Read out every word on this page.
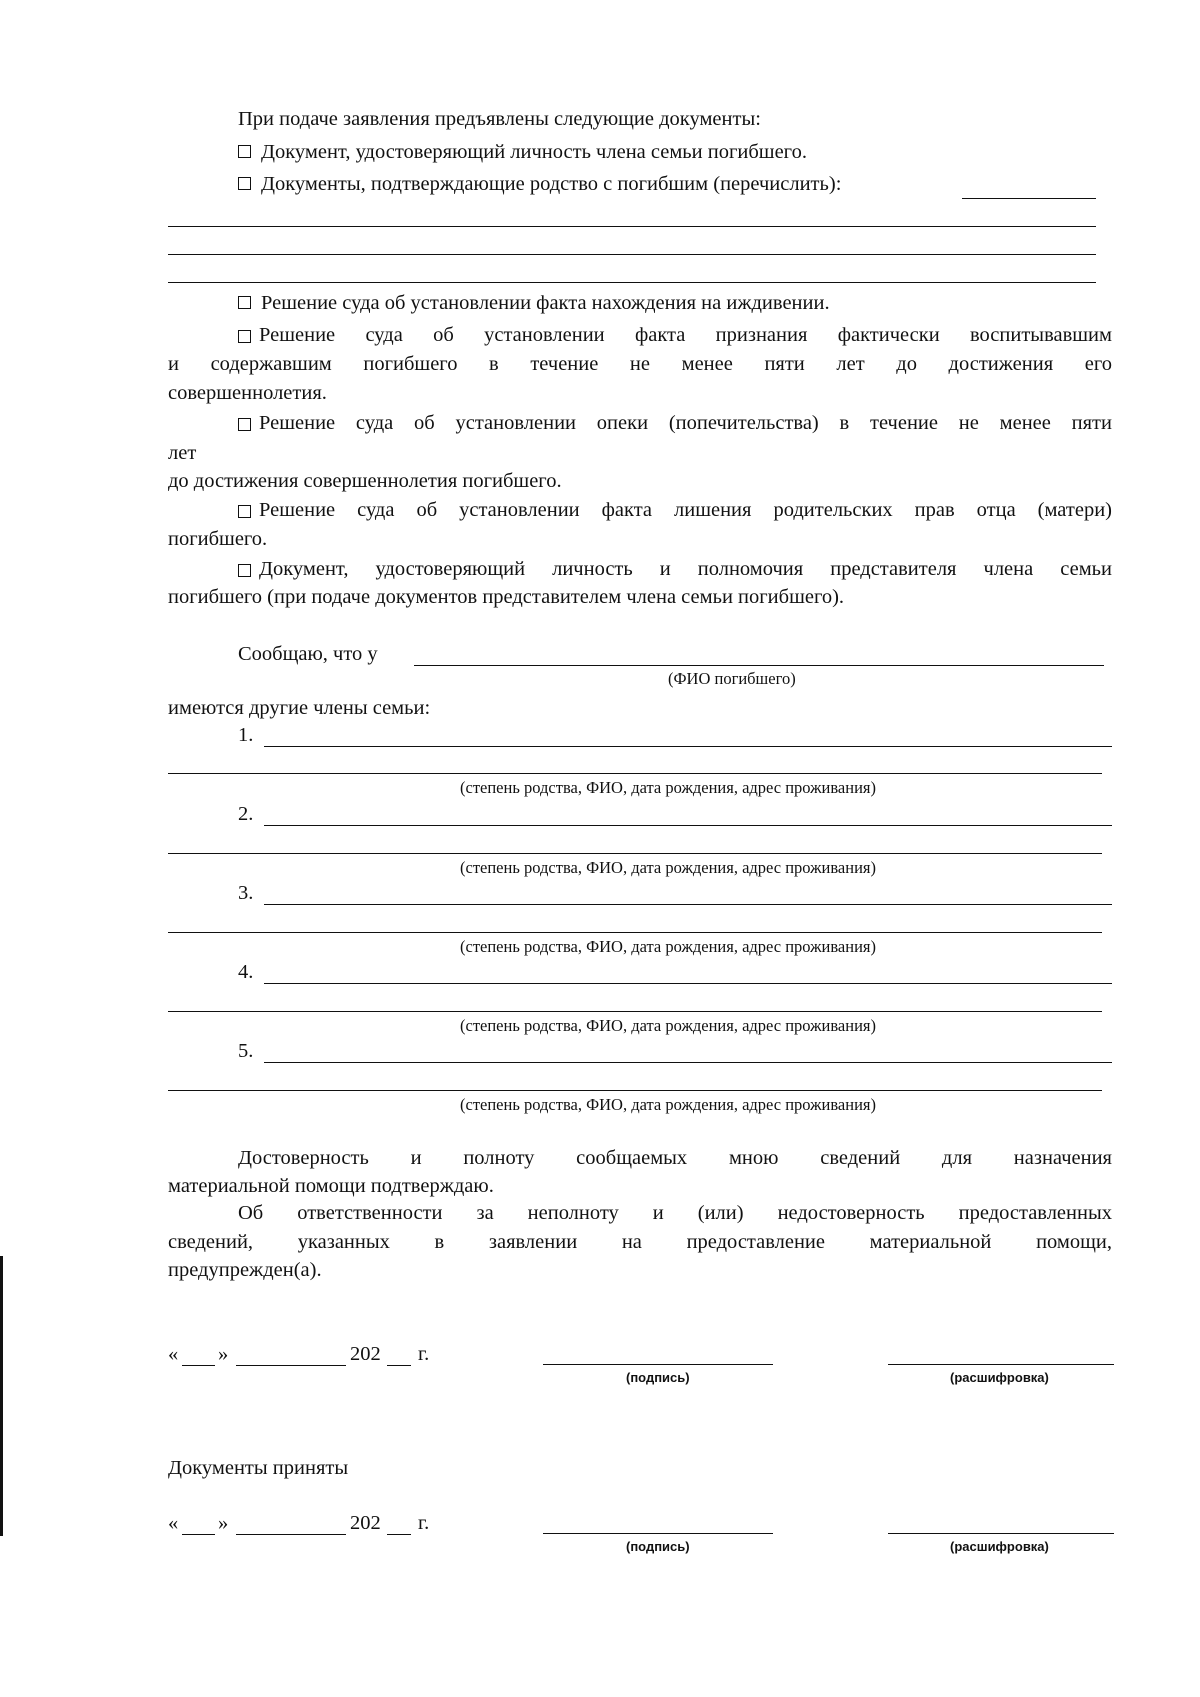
При подаче заявления предъявлены следующие документы:
Документ, удостоверяющий личность члена семьи погибшего.
Документы, подтверждающие родство с погибшим (перечислить):
Решение суда об установлении факта нахождения на иждивении.
Решение суда об установлении факта признания фактически воспитывавшим
и содержавшим погибшего в течение не менее пяти лет до достижения его
совершеннолетия.
Решение суда об установлении опеки (попечительства) в течение не менее пяти
лет
до достижения совершеннолетия погибшего.
Решение суда об установлении факта лишения родительских прав отца (матери)
погибшего.
Документ, удостоверяющий личность и полномочия представителя члена семьи
погибшего (при подаче документов представителем члена семьи погибшего).
Сообщаю, что у
(ФИО погибшего)
имеются другие члены семьи:
1.
(степень родства, ФИО, дата рождения, адрес проживания)
2.
(степень родства, ФИО, дата рождения, адрес проживания)
3.
(степень родства, ФИО, дата рождения, адрес проживания)
4.
(степень родства, ФИО, дата рождения, адрес проживания)
5.
(степень родства, ФИО, дата рождения, адрес проживания)
Достоверность и полноту сообщаемых мною сведений для назначения
материальной помощи подтверждаю.
Об ответственности за неполноту и (или) недостоверность предоставленных
сведений, указанных в заявлении на предоставление материальной помощи,
предупрежден(а).
« »	202 г.
(подпись)	(расшифровка)
Документы приняты
« »	202 г.
(подпись)	(расшифровка)
